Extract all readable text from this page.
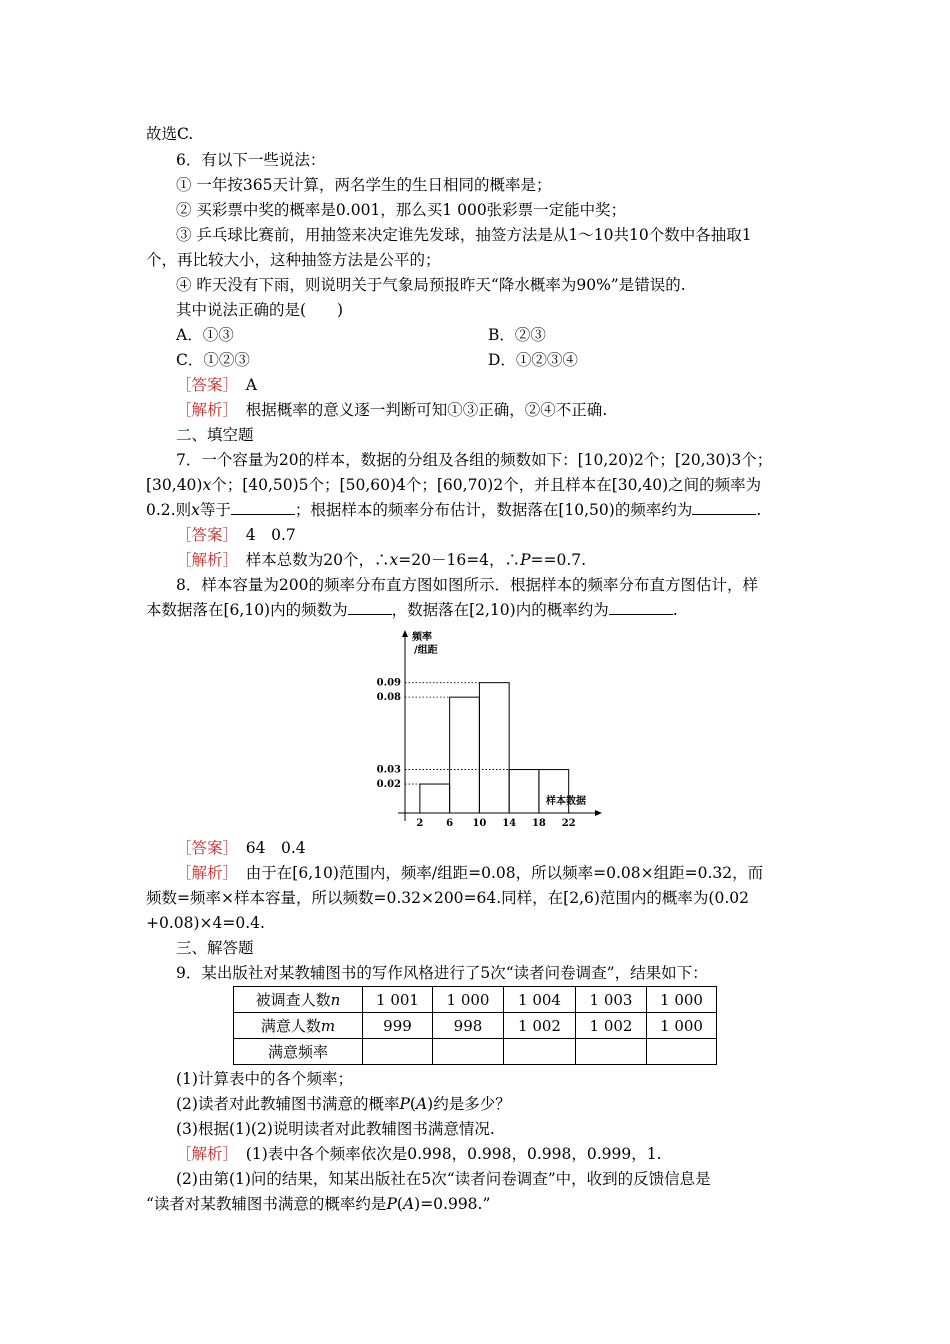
故选C.
6．有以下一些说法：
① 一年按365天计算，两名学生的生日相同的概率是；
② 买彩票中奖的概率是0.001，那么买1 000张彩票一定能中奖；
③ 乒乓球比赛前，用抽签来决定谁先发球，抽签方法是从1～10共10个数中各抽取1
个，再比较大小，这种抽签方法是公平的；
④ 昨天没有下雨，则说明关于气象局预报昨天“降水概率为90%”是错误的.
其中说法正确的是(　　)
A．①③	B．②③
C．①②③	D．①②③④
［答案］　 A
［解析］　 根据概率的意义逐一判断可知①③正确，②④不正确.
二、填空题
7．一个容量为20的样本，数据的分组及各组的频数如下：[10,20)2个；[20,30)3个；
[30,40)x个；[40,50)5个；[50,60)4个；[60,70)2个，并且样本在[30,40)之间的频率为
0.2.则x等于	；根据样本的频率分布估计，数据落在[10,50)的频率约为	.
［答案］　 4　0.7
［解析］　 样本总数为20个，∴x=20－16=4，∴P==0.7.
8．样本容量为200的频率分布直方图如图所示．根据样本的频率分布直方图估计，样
本数据落在[6,10)内的频数为	，数据落在[2,10)内的概率约为	.
频率
/组距
样本数据
0.09
0.08
0.03
0.02
2 6 10 14 18 22
［答案］　 64　0.4
［解析］　 由于在[6,10)范围内，频率/组距=0.08，所以频率=0.08×组距=0.32，而
频数=频率×样本容量，所以频数=0.32×200=64.同样，在[2,6)范围内的概率为(0.02
+0.08)×4=0.4.
三、解答题
9．某出版社对某教辅图书的写作风格进行了5次“读者问卷调查”，结果如下：
被调查人数n	1 001	1 000	1 004	1 003	1 000
满意人数m	999	998	1 002	1 002	1 000
满意频率					
(1)计算表中的各个频率；
(2)读者对此教辅图书满意的概率P(A)约是多少？
(3)根据(1)(2)说明读者对此教辅图书满意情况.
［解析］　 (1)表中各个频率依次是0.998，0.998，0.998，0.999，1.
(2)由第(1)问的结果，知某出版社在5次“读者问卷调查”中，收到的反馈信息是
“读者对某教辅图书满意的概率约是P(A)=0.998.”
